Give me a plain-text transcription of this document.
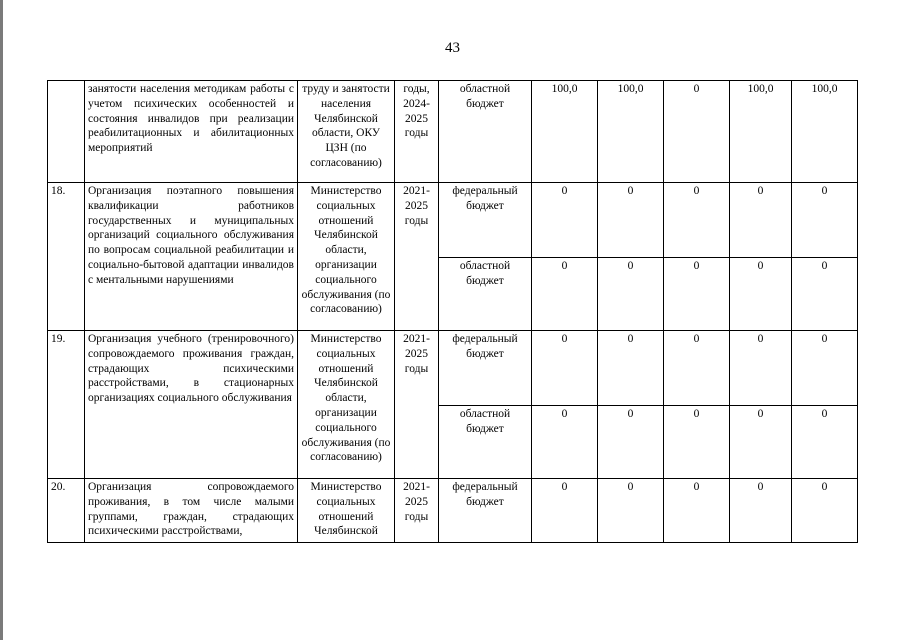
43
	занятости населения методикам работы с учетом психических особенностей и состояния инвалидов при реализации реабилитационных и абилитационных мероприятий	труду и занятости населения Челябинской области, ОКУ ЦЗН (по согласованию)	годы, 2024-2025 годы	областной бюджет	100,0	100,0	0	100,0	100,0
18.	Организация поэтапного повышения квалификации работников государственных и муниципальных организаций социального обслуживания по вопросам социальной реабилитации и социально-бытовой адаптации инвалидов с ментальными нарушениями	Министерство социальных отношений Челябинской области, организации социального обслуживания (по согласованию)	2021-2025 годы	федеральный бюджет	0	0	0	0	0
				областной бюджет	0	0	0	0	0
19.	Организация учебного (тренировочного) сопровождаемого проживания граждан, страдающих психическими расстройствами, в стационарных организациях социального обслуживания	Министерство социальных отношений Челябинской области, организации социального обслуживания (по согласованию)	2021-2025 годы	федеральный бюджет	0	0	0	0	0
				областной бюджет	0	0	0	0	0
20.	Организация сопровождаемого проживания, в том числе малыми группами, граждан, страдающих психическими расстройствами,	Министерство социальных отношений Челябинской	2021-2025 годы	федеральный бюджет	0	0	0	0	0
